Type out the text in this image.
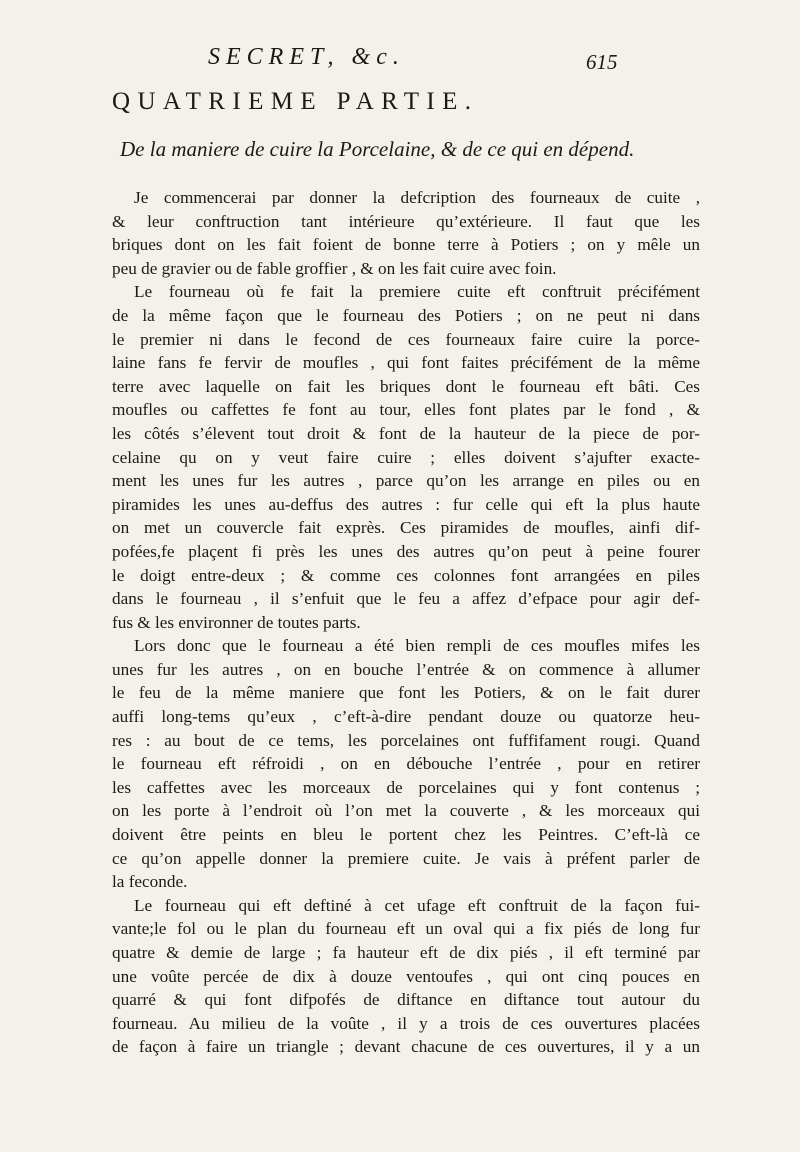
SECRET, &c.	615
QUATRIEME PARTIE.
De la maniere de cuire la Porcelaine, & de ce qui en dépend.
Je commencerai par donner la defcription des fourneaux de cuite ,
& leur conftruction tant intérieure qu’extérieure. Il faut que les
briques dont on les fait foient de bonne terre à Potiers ; on y mêle un
peu de gravier ou de fable groffier , & on les fait cuire avec foin.
Le fourneau où fe fait la premiere cuite eft conftruit précifément
de la même façon que le fourneau des Potiers ; on ne peut ni dans
le premier ni dans le fecond de ces fourneaux faire cuire la porce-
laine fans fe fervir de moufles , qui font faites précifément de la même
terre avec laquelle on fait les briques dont le fourneau eft bâti. Ces
moufles ou caffettes fe font au tour, elles font plates par le fond , &
les côtés s’élevent tout droit & font de la hauteur de la piece de por-
celaine qu on y veut faire cuire ; elles doivent s’ajufter exacte-
ment les unes fur les autres , parce qu’on les arrange en piles ou en
piramides les unes au-deffus des autres : fur celle qui eft la plus haute
on met un couvercle fait exprès. Ces piramides de moufles, ainfi dif-
pofées,fe plaçent fi près les unes des autres qu’on peut à peine fourer
le doigt entre-deux ; & comme ces colonnes font arrangées en piles
dans le fourneau , il s’enfuit que le feu a affez d’efpace pour agir def-
fus & les environner de toutes parts.
Lors donc que le fourneau a été bien rempli de ces moufles mifes les
unes fur les autres , on en bouche l’entrée & on commence à allumer
le feu de la même maniere que font les Potiers, & on le fait durer
auffi long-tems qu’eux , c’eft-à-dire pendant douze ou quatorze heu-
res : au bout de ce tems, les porcelaines ont fuffifament rougi. Quand
le fourneau eft réfroidi , on en débouche l’entrée , pour en retirer
les caffettes avec les morceaux de porcelaines qui y font contenus ;
on les porte à l’endroit où l’on met la couverte , & les morceaux qui
doivent être peints en bleu le portent chez les Peintres. C’eft-là ce
ce qu’on appelle donner la premiere cuite. Je vais à préfent parler de
la feconde.
Le fourneau qui eft deftiné à cet ufage eft conftruit de la façon fui-
vante;le fol ou le plan du fourneau eft un oval qui a fix piés de long fur
quatre & demie de large ; fa hauteur eft de dix piés , il eft terminé par
une voûte percée de dix à douze ventoufes , qui ont cinq pouces en
quarré & qui font difpofés de diftance en diftance tout autour du
fourneau. Au milieu de la voûte , il y a trois de ces ouvertures placées
de façon à faire un triangle ; devant chacune de ces ouvertures, il y a un
